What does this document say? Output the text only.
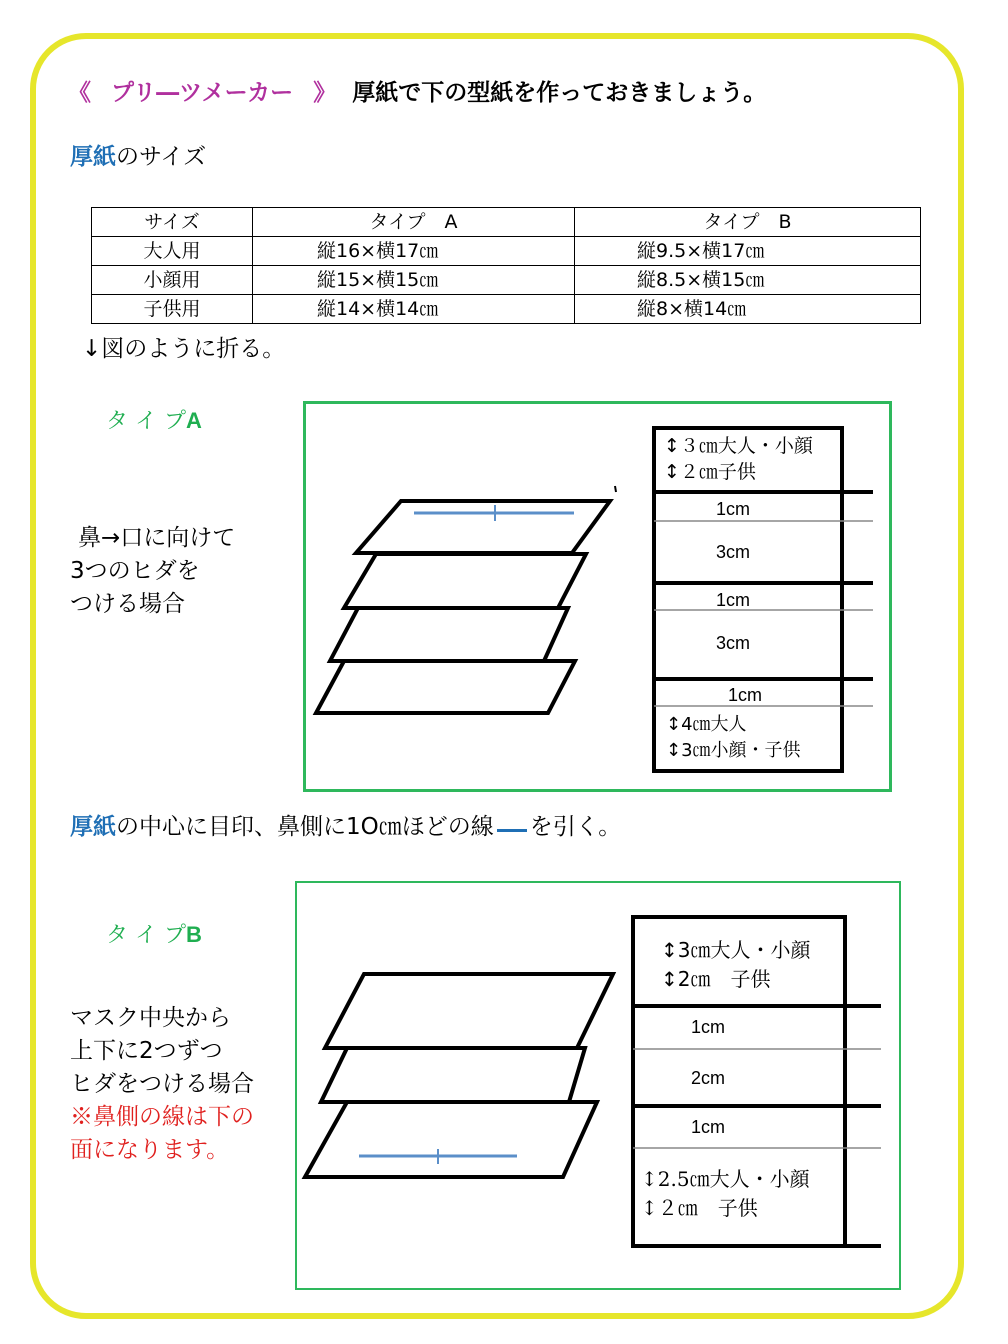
《 プリ―ツメーカー 》 厚紙で下の型紙を作っておきましょう。
厚紙のサイズ
サイズ	タイプ　A	タイプ　B
大人用	縦16×横17㎝	縦9.5×横17㎝
小顔用	縦15×横15㎝	縦8.5×横15㎝
子供用	縦14×横14㎝	縦8×横14㎝
↓図のように折る。
タ イ プA
鼻→口に向けて
3つのヒダを
つける場合
↕３㎝大人・小顔
↕２㎝子供
1cm
3cm
1cm
3cm
1cm
↕4㎝大人
↕3㎝小顔・子供
厚紙の中心に目印、鼻側に1O㎝ほどの線 を引く。
タ イ プB
マスク中央から
上下に2つずつ
ヒダをつける場合
※鼻側の線は下の
面になります。
↕3㎝大人・小顔
↕2㎝　子供
1cm
2cm
1cm
↕2.5㎝大人・小顔
↕２㎝　子供
